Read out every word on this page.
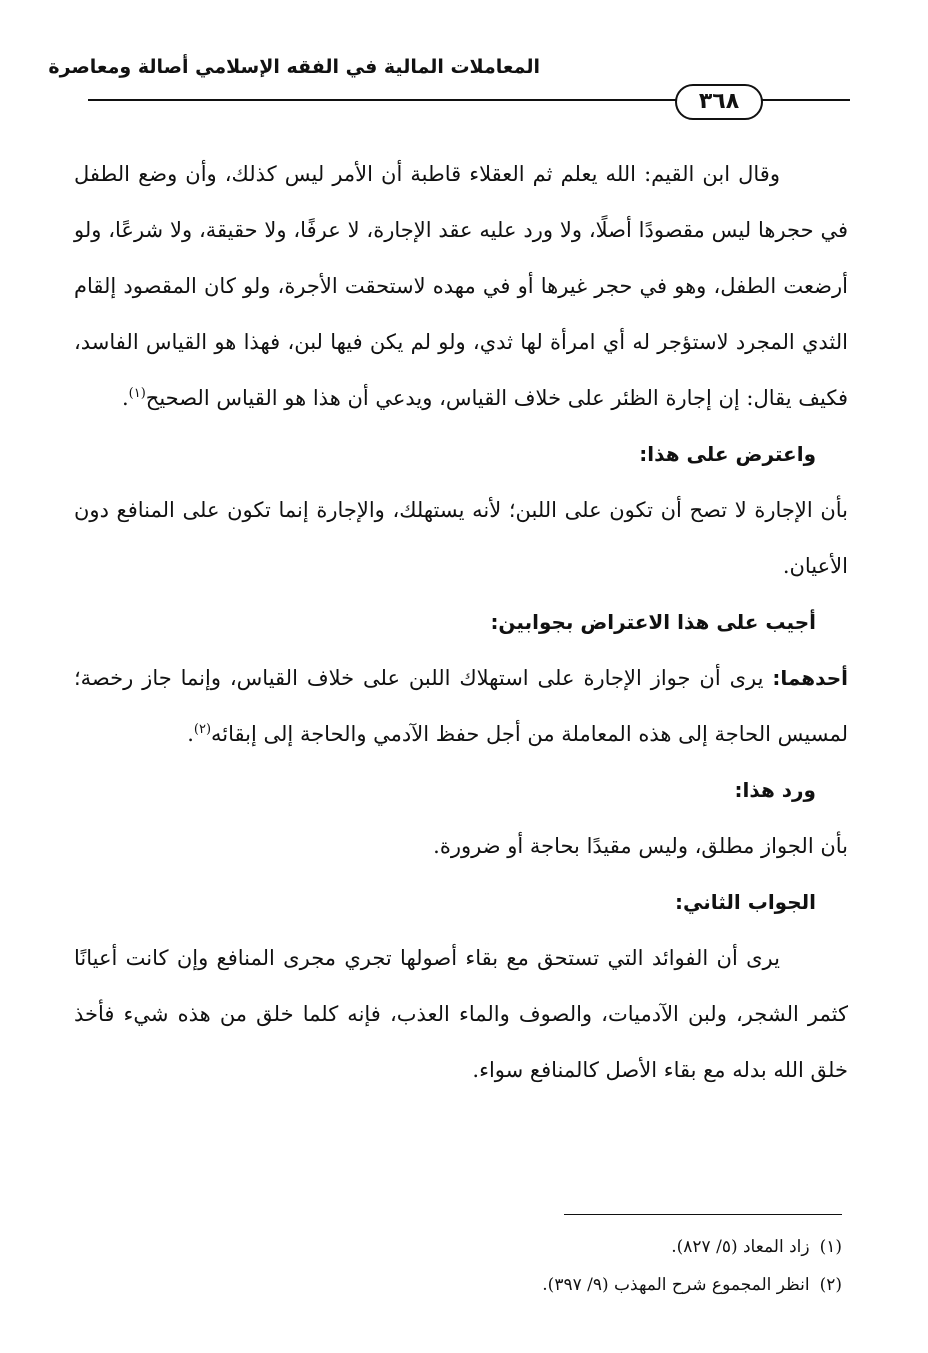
المعاملات المالية في الفقه الإسلامي أصالة ومعاصرة
٣٦٨

وقال ابن القيم: الله يعلم ثم العقلاء قاطبة أن الأمر ليس كذلك، وأن وضع الطفل في حجرها ليس مقصودًا أصلًا، ولا ورد عليه عقد الإجارة، لا عرفًا، ولا حقيقة، ولا شرعًا، ولو أرضعت الطفل، وهو في حجر غيرها أو في مهده لاستحقت الأجرة، ولو كان المقصود إلقام الثدي المجرد لاستؤجر له أي امرأة لها ثدي، ولو لم يكن فيها لبن، فهذا هو القياس الفاسد، فكيف يقال: إن إجارة الظئر على خلاف القياس، ويدعي أن هذا هو القياس الصحيح$^{(١)}$.

واعترض على هذا:

بأن الإجارة لا تصح أن تكون على اللبن؛ لأنه يستهلك، والإجارة إنما تكون على المنافع دون الأعيان.

أجيب على هذا الاعتراض بجوابين:

أحدهما: يرى أن جواز الإجارة على استهلاك اللبن على خلاف القياس، وإنما جاز رخصة؛ لمسيس الحاجة إلى هذه المعاملة من أجل حفظ الآدمي والحاجة إلى إبقائه$^{(٢)}$.

ورد هذا:

بأن الجواز مطلق، وليس مقيدًا بحاجة أو ضرورة.

الجواب الثاني:

يرى أن الفوائد التي تستحق مع بقاء أصولها تجري مجرى المنافع وإن كانت أعيانًا كثمر الشجر، ولبن الآدميات، والصوف والماء العذب، فإنه كلما خلق من هذه شيء فأخذ خلق الله بدله مع بقاء الأصل كالمنافع سواء.

(١)زاد المعاد (٥/ ٨٢٧).
(٢)انظر المجموع شرح المهذب (٩/ ٣٩٧).
